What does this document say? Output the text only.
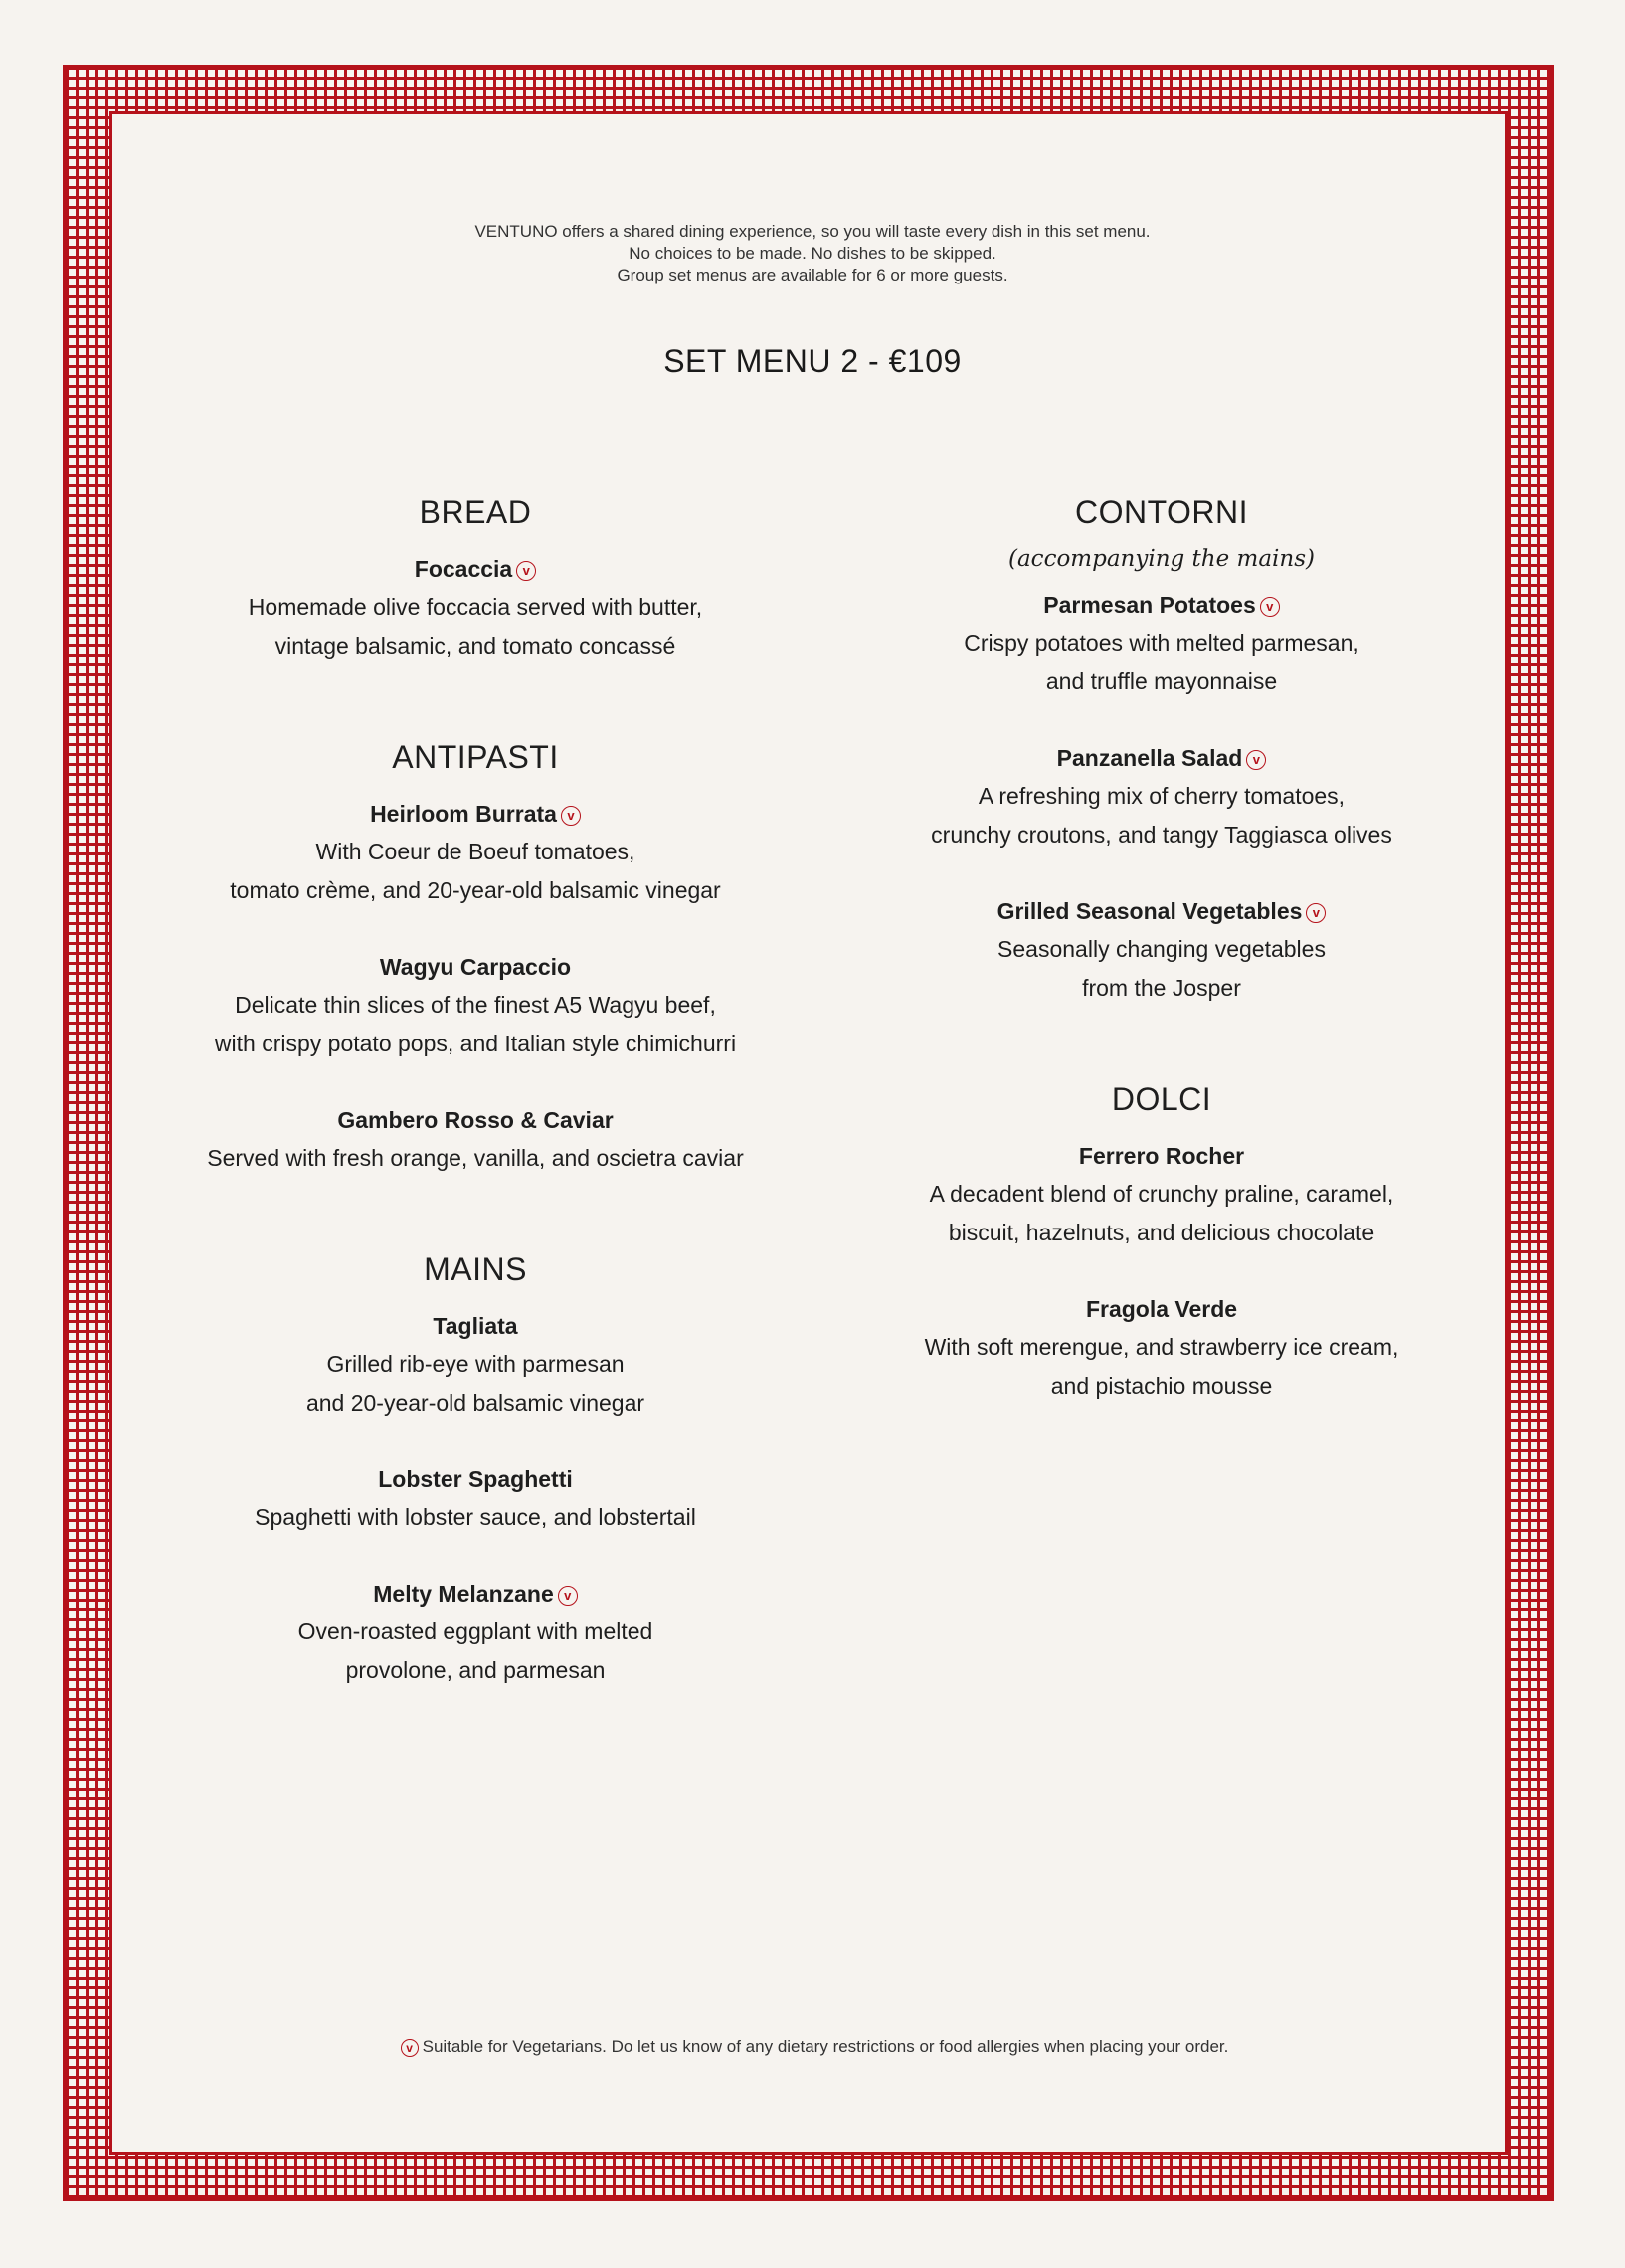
VENTUNO offers a shared dining experience, so you will taste every dish in this set menu.
No choices to be made. No dishes to be skipped.
Group set menus are available for 6 or more guests.
SET MENU 2 - €109
BREAD
Focaccia v
Homemade olive foccacia served with butter,
vintage balsamic, and tomato concassé
ANTIPASTI
Heirloom Burrata v
With Coeur de Boeuf tomatoes,
tomato crème, and 20-year-old balsamic vinegar
Wagyu Carpaccio
Delicate thin slices of the finest A5 Wagyu beef,
with crispy potato pops, and Italian style chimichurri
Gambero Rosso & Caviar
Served with fresh orange, vanilla, and oscietra caviar
MAINS
Tagliata
Grilled rib-eye with parmesan
and 20-year-old balsamic vinegar
Lobster Spaghetti
Spaghetti with lobster sauce, and lobstertail
Melty Melanzane v
Oven-roasted eggplant with melted
provolone, and parmesan
CONTORNI
(accompanying the mains)
Parmesan Potatoes v
Crispy potatoes with melted parmesan,
and truffle mayonnaise
Panzanella Salad v
A refreshing mix of cherry tomatoes,
crunchy croutons, and tangy Taggiasca olives
Grilled Seasonal Vegetables v
Seasonally changing vegetables
from the Josper
DOLCI
Ferrero Rocher
A decadent blend of crunchy praline, caramel,
biscuit, hazelnuts, and delicious chocolate
Fragola Verde
With soft merengue, and strawberry ice cream,
and pistachio mousse
v Suitable for Vegetarians. Do let us know of any dietary restrictions or food allergies when placing your order.
